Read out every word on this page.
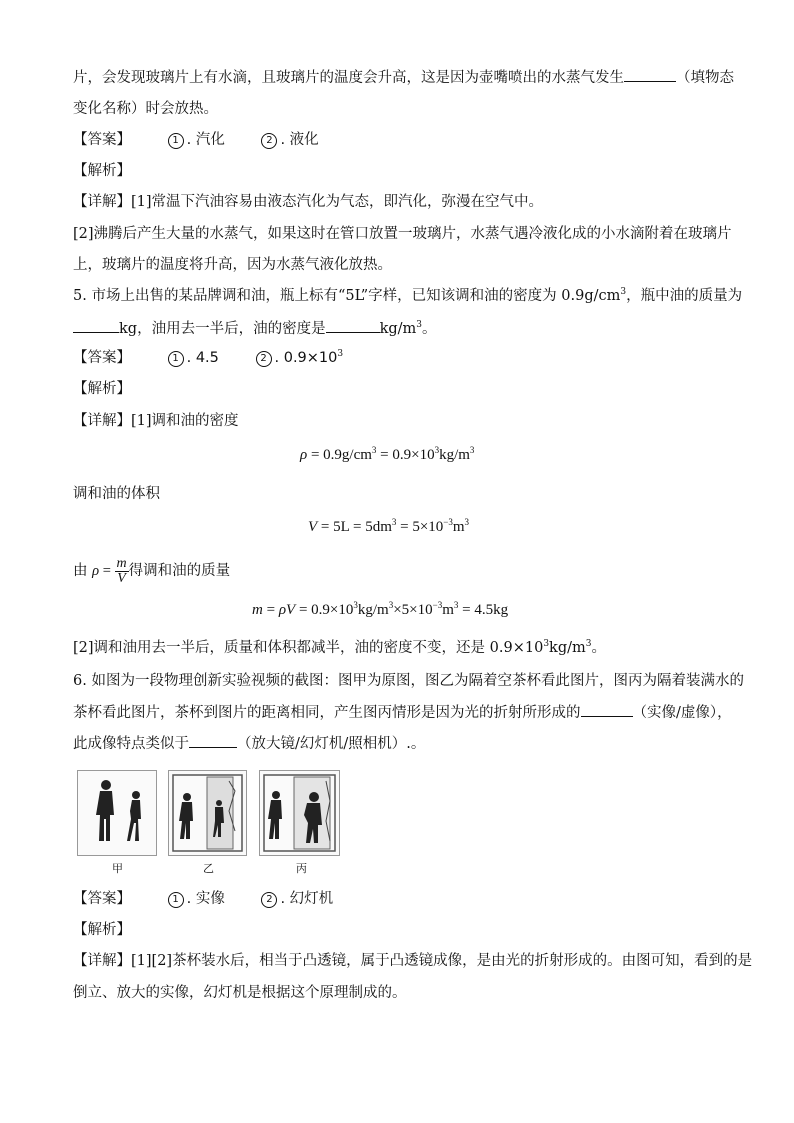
片，会发现玻璃片上有水滴，且玻璃片的温度会升高，这是因为壶嘴喷出的水蒸气发生	（填物态
变化名称）时会放热。
【答案】	1 . 汽化	2 . 液化
【解析】
【详解】[1]常温下汽油容易由液态汽化为气态，即汽化，弥漫在空气中。
[2]沸腾后产生大量的水蒸气，如果这时在管口放置一玻璃片，水蒸气遇冷液化成的小水滴附着在玻璃片
上，玻璃片的温度将升高，因为水蒸气液化放热。
5. 市场上出售的某品牌调和油，瓶上标有“5L”字样，已知该调和油的密度为 $0.9g/cm^3$，瓶中油的质量为
kg，油用去一半后，油的密度是	$kg/m^3$。
【答案】	1 . 4.5	2 . $0.9\times 10^3$
【解析】
【详解】[1]调和油的密度
$\rho = 0.9g/cm^3 = 0.9\times 10^3kg/m^3$
调和油的体积
$V = 5L = 5dm^3 = 5\times 10^{-3}m^3$
由 $\rho = \frac{m}{V}$ 得调和油的质量
$m = \rho V = 0.9\times 10^3kg/m^3\times 5\times 10^{-3}m^3 = 4.5kg$
[2]调和油用去一半后，质量和体积都减半，油的密度不变，还是 $0.9\times 10^3kg/m^3$。
6. 如图为一段物理创新实验视频的截图：图甲为原图，图乙为隔着空茶杯看此图片，图丙为隔着装满水的
茶杯看此图片，茶杯到图片的距离相同，产生图丙情形是因为光的折射所形成的	（实像/虚像），
此成像特点类似于	（放大镜/幻灯机/照相机）.。
甲	乙	丙
【答案】	1 . 实像	2 . 幻灯机
【解析】
【详解】[1][2]茶杯装水后，相当于凸透镜，属于凸透镜成像，是由光的折射形成的。由图可知，看到的是
倒立、放大的实像，幻灯机是根据这个原理制成的。
